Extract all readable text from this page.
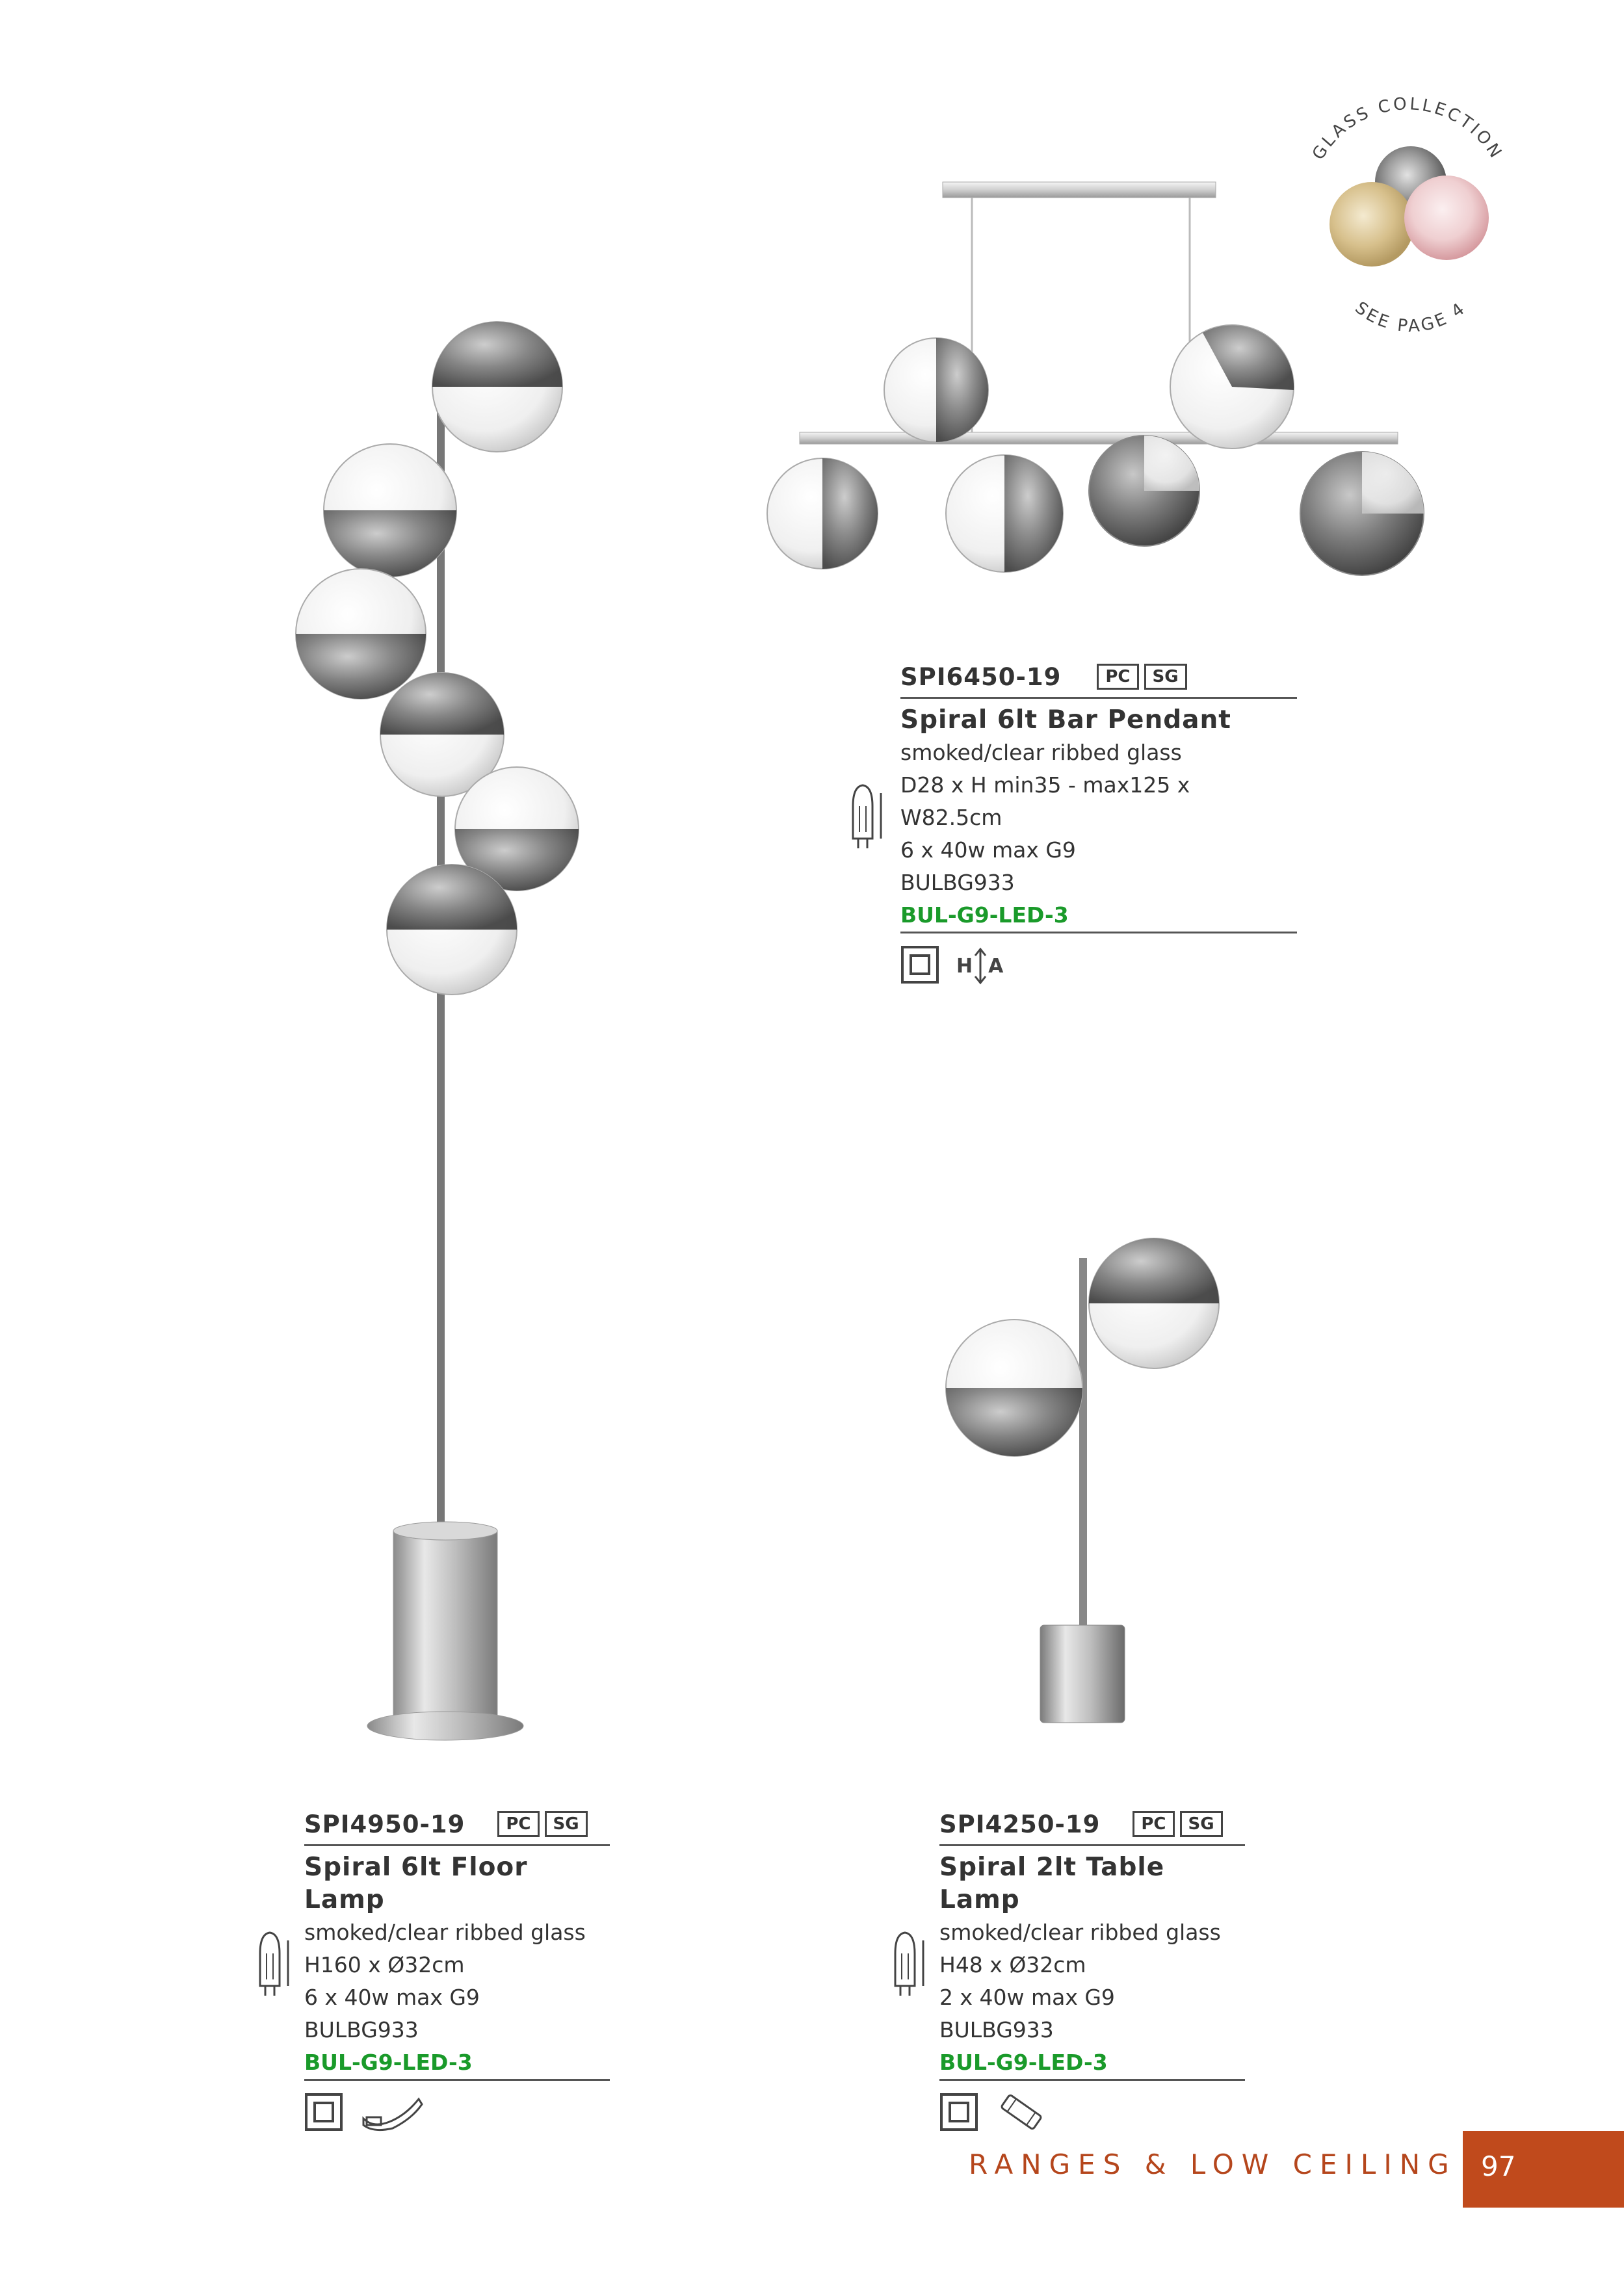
GLASS COLLECTION
SEE PAGE 4
SPI6450-19	PC	SG
Spiral 6lt Bar Pendant
smoked/clear ribbed glass
D28 x H min35 - max125 x W82.5cm
6 x 40w max G9
BULBG933
BUL-G9-LED-3
H A
SPI4950-19	PC	SG
Spiral 6lt Floor Lamp
smoked/clear ribbed glass
H160 x Ø32cm
6 x 40w max G9
BULBG933
BUL-G9-LED-3
SPI4250-19	PC	SG
Spiral 2lt Table Lamp
smoked/clear ribbed glass
H48 x Ø32cm
2 x 40w max G9
BULBG933
BUL-G9-LED-3
RANGES & LOW CEILING 97
